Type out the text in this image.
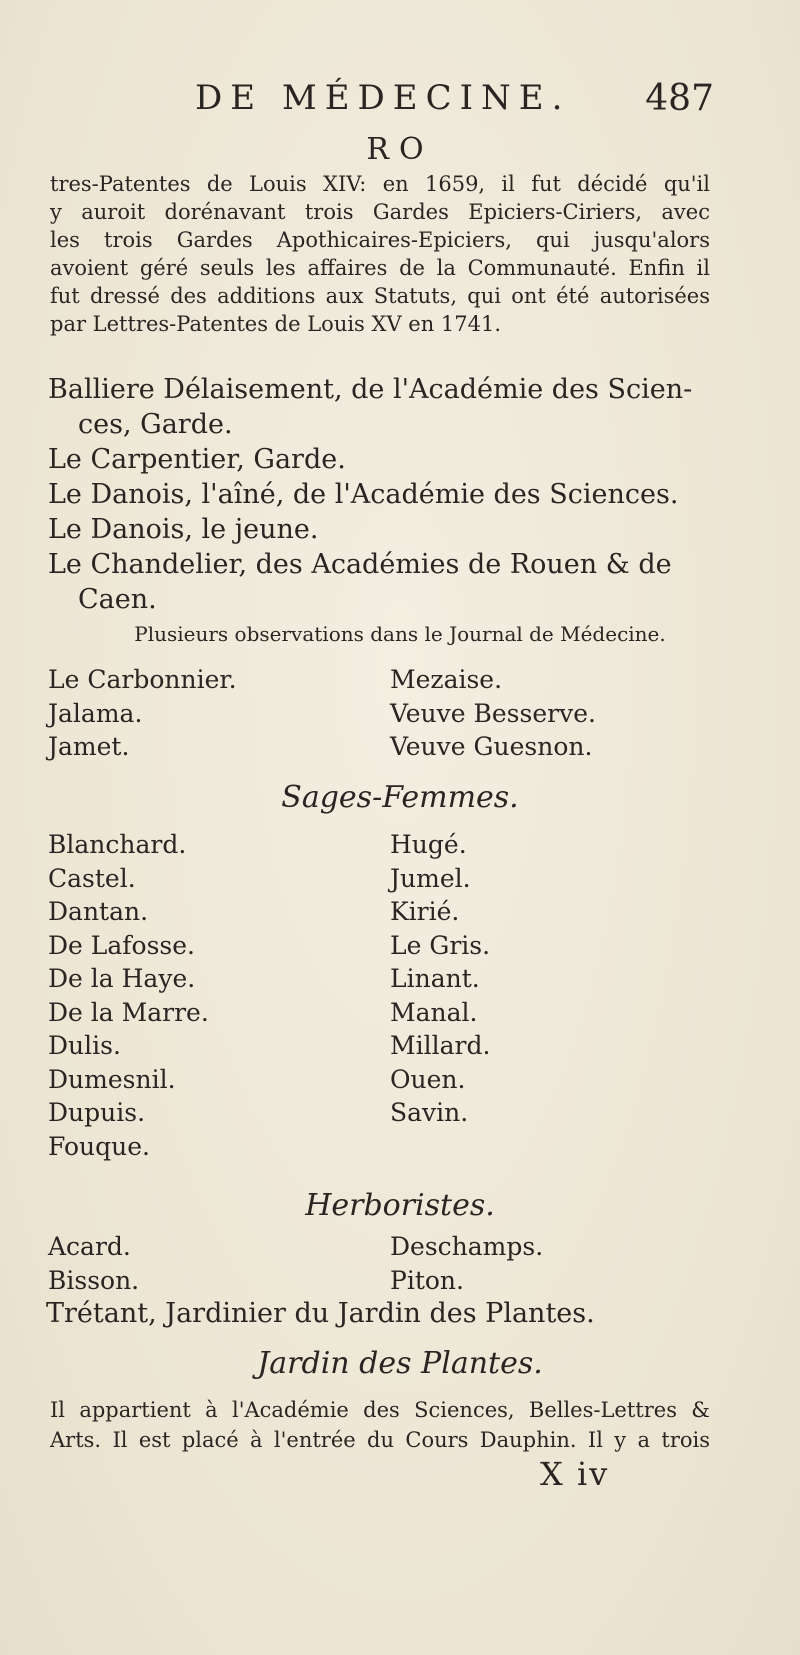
DE MÉDECINE. 487
RO
tres-Patentes de Louis XIV: en 1659, il fut décidé qu'il
y auroit dorénavant trois Gardes Epiciers-Ciriers, avec
les trois Gardes Apothicaires-Epiciers, qui jusqu'alors
avoient géré seuls les affaires de la Communauté. Enfin il
fut dressé des additions aux Statuts, qui ont été autorisées
par Lettres-Patentes de Louis XV en 1741.
Balliere Délaisement, de l'Académie des Scien-
ces, Garde.
Le Carpentier, Garde.
Le Danois, l'aîné, de l'Académie des Sciences.
Le Danois, le jeune.
Le Chandelier, des Académies de Rouen & de
Caen.
Plusieurs observations dans le Journal de Médecine.
Le Carbonnier.	Mezaise.
Jalama.	Veuve Besserve.
Jamet.	Veuve Guesnon.
Sages-Femmes.
Blanchard.	Hugé.
Castel.	Jumel.
Dantan.	Kirié.
De Lafosse.	Le Gris.
De la Haye.	Linant.
De la Marre.	Manal.
Dulis.	Millard.
Dumesnil.	Ouen.
Dupuis.	Savin.
Fouque.
Herboristes.
Acard.	Deschamps.
Bisson.	Piton.
Trétant, Jardinier du Jardin des Plantes.
Jardin des Plantes.
Il appartient à l'Académie des Sciences, Belles-Lettres &
Arts. Il est placé à l'entrée du Cours Dauphin. Il y a trois
X iv
